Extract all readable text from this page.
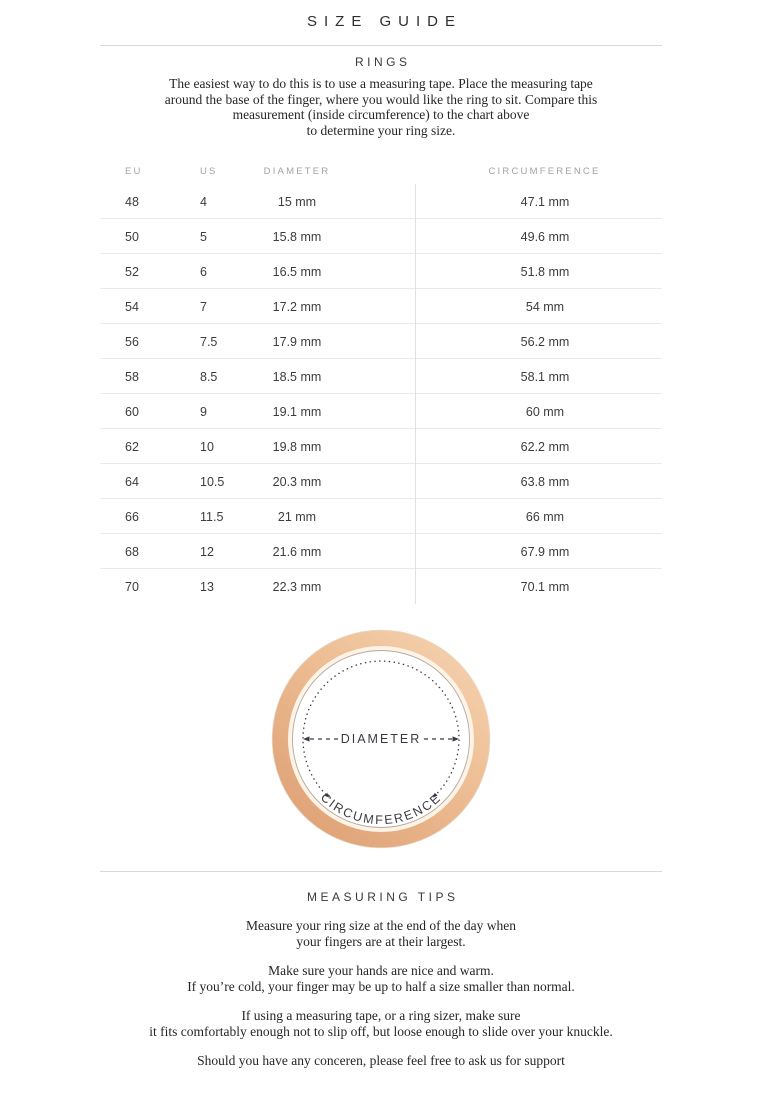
SIZE GUIDE
RINGS
The easiest way to do this is to use a measuring tape. Place the measuring tape
around the base of the finger, where you would like the ring to sit. Compare this
measurement (inside circumference) to the chart above
to determine your ring size.
EU	US	DIAMETER	CIRCUMFERENCE
48	4	15 mm	47.1 mm
50	5	15.8 mm	49.6 mm
52	6	16.5 mm	51.8 mm
54	7	17.2 mm	54 mm
56	7.5	17.9 mm	56.2 mm
58	8.5	18.5 mm	58.1 mm
60	9	19.1 mm	60 mm
62	10	19.8 mm	62.2 mm
64	10.5	20.3 mm	63.8 mm
66	11.5	21 mm	66 mm
68	12	21.6 mm	67.9 mm
70	13	22.3 mm	70.1 mm
DIAMETER
CIRCUMFERENCE
MEASURING TIPS
Measure your ring size at the end of the day when
your fingers are at their largest.
Make sure your hands are nice and warm.
If you’re cold, your finger may be up to half a size smaller than normal.
If using a measuring tape, or a ring sizer, make sure
it fits comfortably enough not to slip off, but loose enough to slide over your knuckle.
Should you have any conceren, please feel free to ask us for support
